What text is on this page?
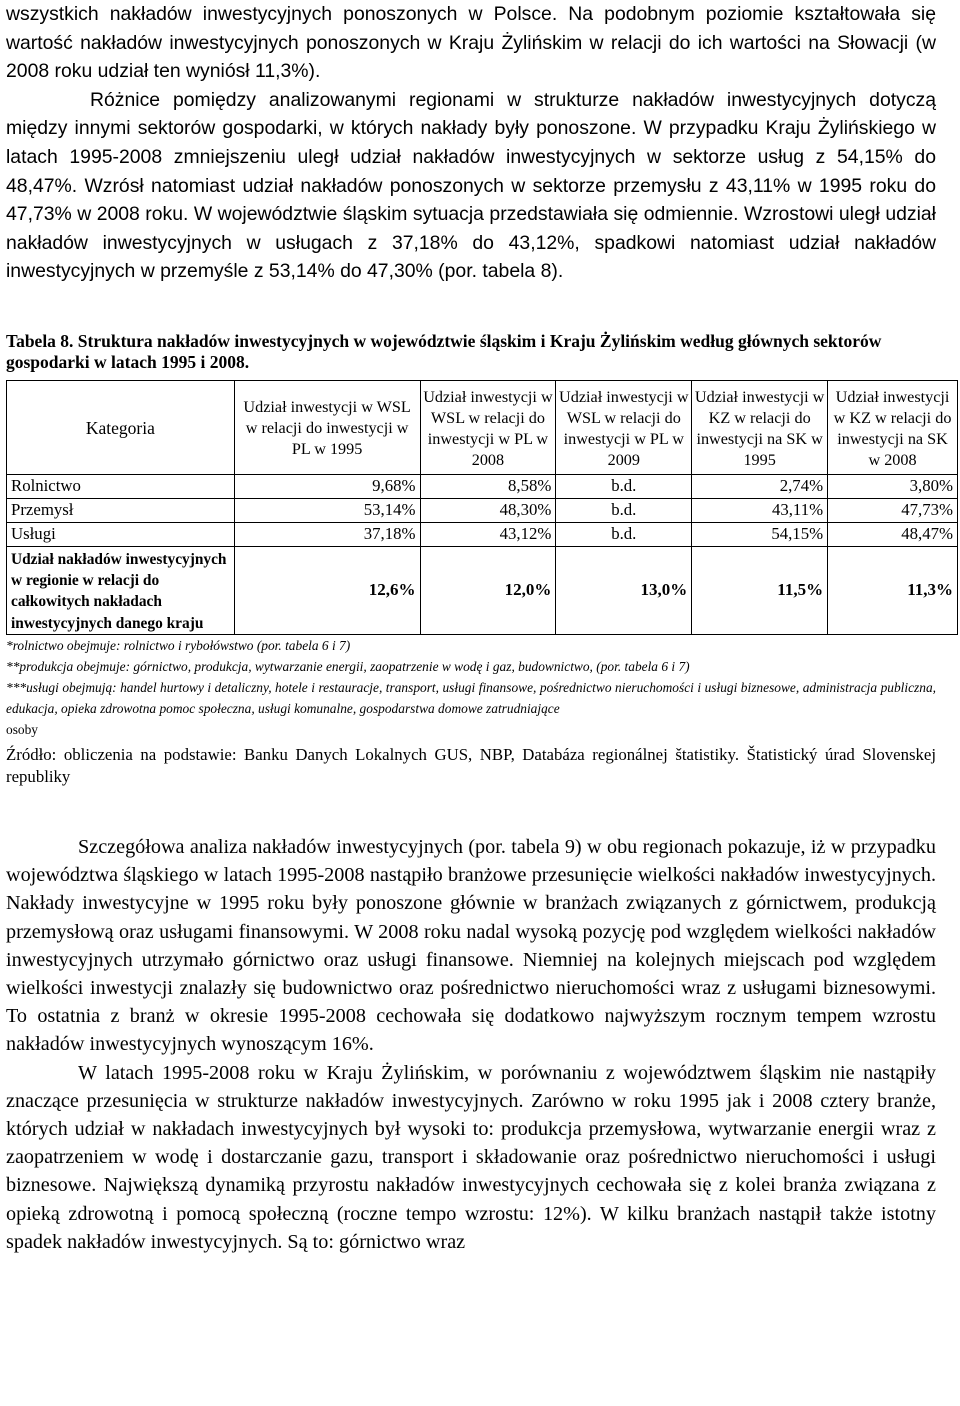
wszystkich nakładów inwestycyjnych ponoszonych w Polsce. Na podobnym poziomie kształtowała się wartość nakładów inwestycyjnych ponoszonych w Kraju Żylińskim w relacji do ich wartości na Słowacji (w 2008 roku udział ten wyniósł 11,3%).

Różnice pomiędzy analizowanymi regionami w strukturze nakładów inwestycyjnych dotyczą między innymi sektorów gospodarki, w których nakłady były ponoszone. W przypadku Kraju Żylińskiego w latach 1995-2008 zmniejszeniu uległ udział nakładów inwestycyjnych w sektorze usług z 54,15% do 48,47%. Wzrósł natomiast udział nakładów ponoszonych w sektorze przemysłu z 43,11% w 1995 roku do 47,73% w 2008 roku. W województwie śląskim sytuacja przedstawiała się odmiennie. Wzrostowi uległ udział nakładów inwestycyjnych w usługach z 37,18% do 43,12%, spadkowi natomiast udział nakładów inwestycyjnych w przemyśle z 53,14% do 47,30% (por. tabela 8).

Tabela 8. Struktura nakładów inwestycyjnych w województwie śląskim i Kraju Żylińskim według głównych sektorów gospodarki w latach 1995 i 2008.

Kategoria	Udział inwestycji w WSL w relacji do inwestycji w PL w 1995	Udział inwestycji w WSL w relacji do inwestycji w PL w 2008	Udział inwestycji w WSL w relacji do inwestycji w PL w 2009	Udział inwestycji w KZ w relacji do inwestycji na SK w 1995	Udział inwestycji w KZ w relacji do inwestycji na SK w 2008
Rolnictwo	9,68%	8,58%	b.d.	2,74%	3,80%
Przemysł	53,14%	48,30%	b.d.	43,11%	47,73%
Usługi	37,18%	43,12%	b.d.	54,15%	48,47%
Udział nakładów inwestycyjnych w regionie w relacji do całkowitych nakładach inwestycyjnych danego kraju	12,6%	12,0%	13,0%	11,5%	11,3%

*rolnictwo obejmuje: rolnictwo i rybołówstwo (por. tabela 6 i 7)

**produkcja obejmuje: górnictwo, produkcja, wytwarzanie energii, zaopatrzenie w wodę i gaz, budownictwo, (por. tabela 6 i 7)

***usługi obejmują: handel hurtowy i detaliczny, hotele i restauracje, transport, usługi finansowe, pośrednictwo nieruchomości i usługi biznesowe, administracja publiczna, edukacja, opieka zdrowotna pomoc społeczna, usługi komunalne, gospodarstwa domowe zatrudniające

osoby

Źródło: obliczenia na podstawie: Banku Danych Lokalnych GUS, NBP, Databáza regionálnej štatistiky. Štatistický úrad Slovenskej republiky

Szczegółowa analiza nakładów inwestycyjnych (por. tabela 9) w obu regionach pokazuje, iż w przypadku województwa śląskiego w latach 1995-2008 nastąpiło branżowe przesunięcie wielkości nakładów inwestycyjnych. Nakłady inwestycyjne w 1995 roku były ponoszone głównie w branżach związanych z górnictwem, produkcją przemysłową oraz usługami finansowymi. W 2008 roku nadal wysoką pozycję pod względem wielkości nakładów inwestycyjnych utrzymało górnictwo oraz usługi finansowe. Niemniej na kolejnych miejscach pod względem wielkości inwestycji znalazły się budownictwo oraz pośrednictwo nieruchomości wraz z usługami biznesowymi. To ostatnia z branż w okresie 1995-2008 cechowała się dodatkowo najwyższym rocznym tempem wzrostu nakładów inwestycyjnych wynoszącym 16%.

W latach 1995-2008 roku w Kraju Żylińskim, w porównaniu z województwem śląskim nie nastąpiły znaczące przesunięcia w strukturze nakładów inwestycyjnych. Zarówno w roku 1995 jak i 2008 cztery branże, których udział w nakładach inwestycyjnych był wysoki to: produkcja przemysłowa, wytwarzanie energii wraz z zaopatrzeniem w wodę i dostarczanie gazu, transport i składowanie oraz pośrednictwo nieruchomości i usługi biznesowe. Największą dynamiką przyrostu nakładów inwestycyjnych cechowała się z kolei branża związana z opieką zdrowotną i pomocą społeczną (roczne tempo wzrostu: 12%). W kilku branżach nastąpił także istotny spadek nakładów inwestycyjnych. Są to: górnictwo wraz
